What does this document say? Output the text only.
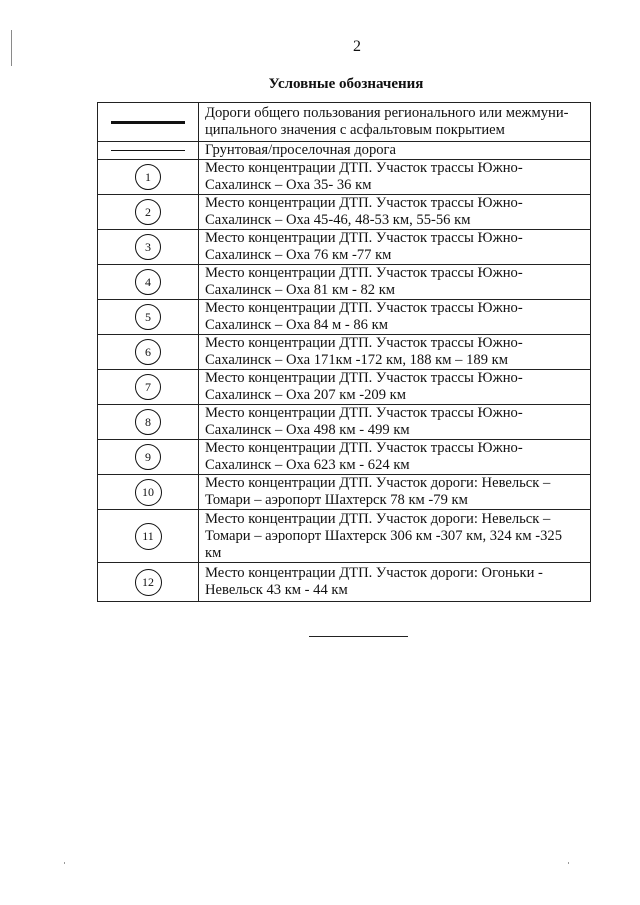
2
Условные обозначения

	Дороги общего пользования регионального или межмуни-
ципального значения с асфальтовым покрытием

	Грунтовая/проселочная дорога

1	Место концентрации ДТП. Участок трассы Южно-
Сахалинск – Оха 35- 36 км

2	Место концентрации ДТП. Участок трассы Южно-
Сахалинск – Оха 45-46, 48-53 км, 55-56 км

3	Место концентрации ДТП. Участок трассы Южно-
Сахалинск – Оха 76 км -77 км

4	Место концентрации ДТП. Участок трассы Южно-
Сахалинск – Оха 81 км - 82 км

5	Место концентрации ДТП. Участок трассы Южно-
Сахалинск – Оха 84 м - 86 км

6	Место концентрации ДТП. Участок трассы Южно-
Сахалинск – Оха 171км -172 км, 188 км – 189 км

7	Место концентрации ДТП. Участок трассы Южно-
Сахалинск – Оха 207 км -209 км

8	Место концентрации ДТП. Участок трассы Южно-
Сахалинск – Оха 498 км - 499 км

9	Место концентрации ДТП. Участок трассы Южно-
Сахалинск – Оха 623 км - 624 км

10	Место концентрации ДТП. Участок дороги: Невельск –
Томари – аэропорт Шахтерск 78 км -79 км

11	Место концентрации ДТП. Участок дороги: Невельск –
Томари – аэропорт Шахтерск 306 км -307 км, 324 км -325
км

12	Место концентрации ДТП. Участок дороги: Огоньки -
Невельск 43 км - 44 км
